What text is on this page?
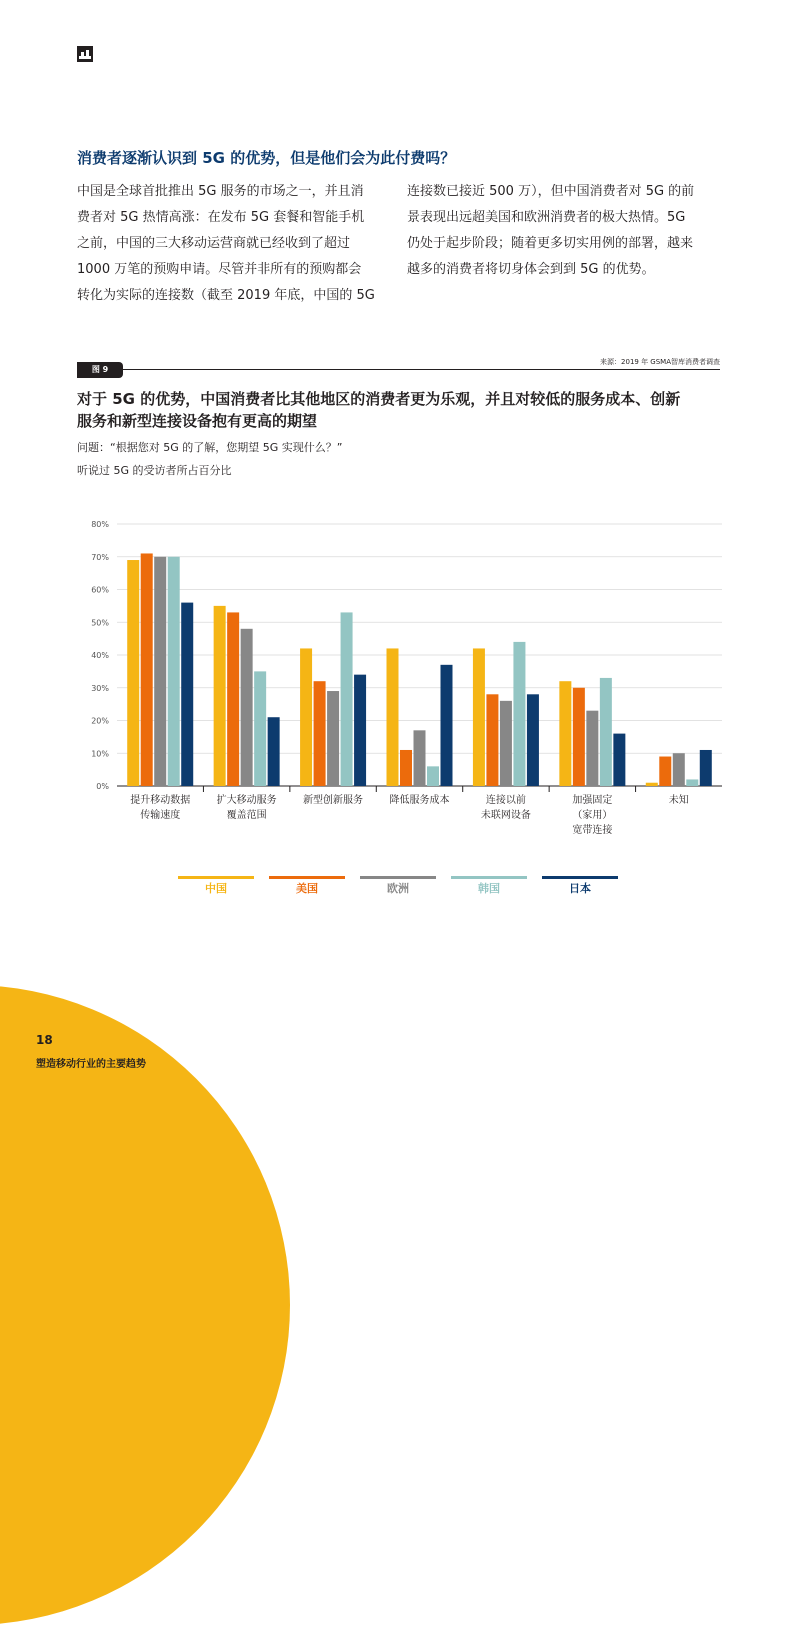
消费者逐渐认识到 5G 的优势，但是他们会为此付费吗？
中国是全球首批推出 5G 服务的市场之一，并且消
费者对 5G 热情高涨：在发布 5G 套餐和智能手机
之前，中国的三大移动运营商就已经收到了超过
1000 万笔的预购申请。尽管并非所有的预购都会
转化为实际的连接数（截至 2019 年底，中国的 5G
连接数已接近 500 万），但中国消费者对 5G 的前
景表现出远超美国和欧洲消费者的极大热情。5G
仍处于起步阶段；随着更多切实用例的部署，越来
越多的消费者将切身体会到到 5G 的优势。
图 9
来源：2019 年 GSMA智库消费者调查
对于 5G 的优势，中国消费者比其他地区的消费者更为乐观，并且对较低的服务成本、创新
服务和新型连接设备抱有更高的期望
问题：“根据您对 5G 的了解，您期望 5G 实现什么？”
听说过 5G 的受访者所占百分比
0%
10%
20%
30%
40%
50%
60%
70%
80%
提升移动数据
传输速度
扩大移动服务
覆盖范围
新型创新服务	降低服务成本	连接以前
未联网设备
加强固定
（家用）
宽带连接
未知
中国	美国	欧洲	韩国	日本
18
塑造移动行业的主要趋势
